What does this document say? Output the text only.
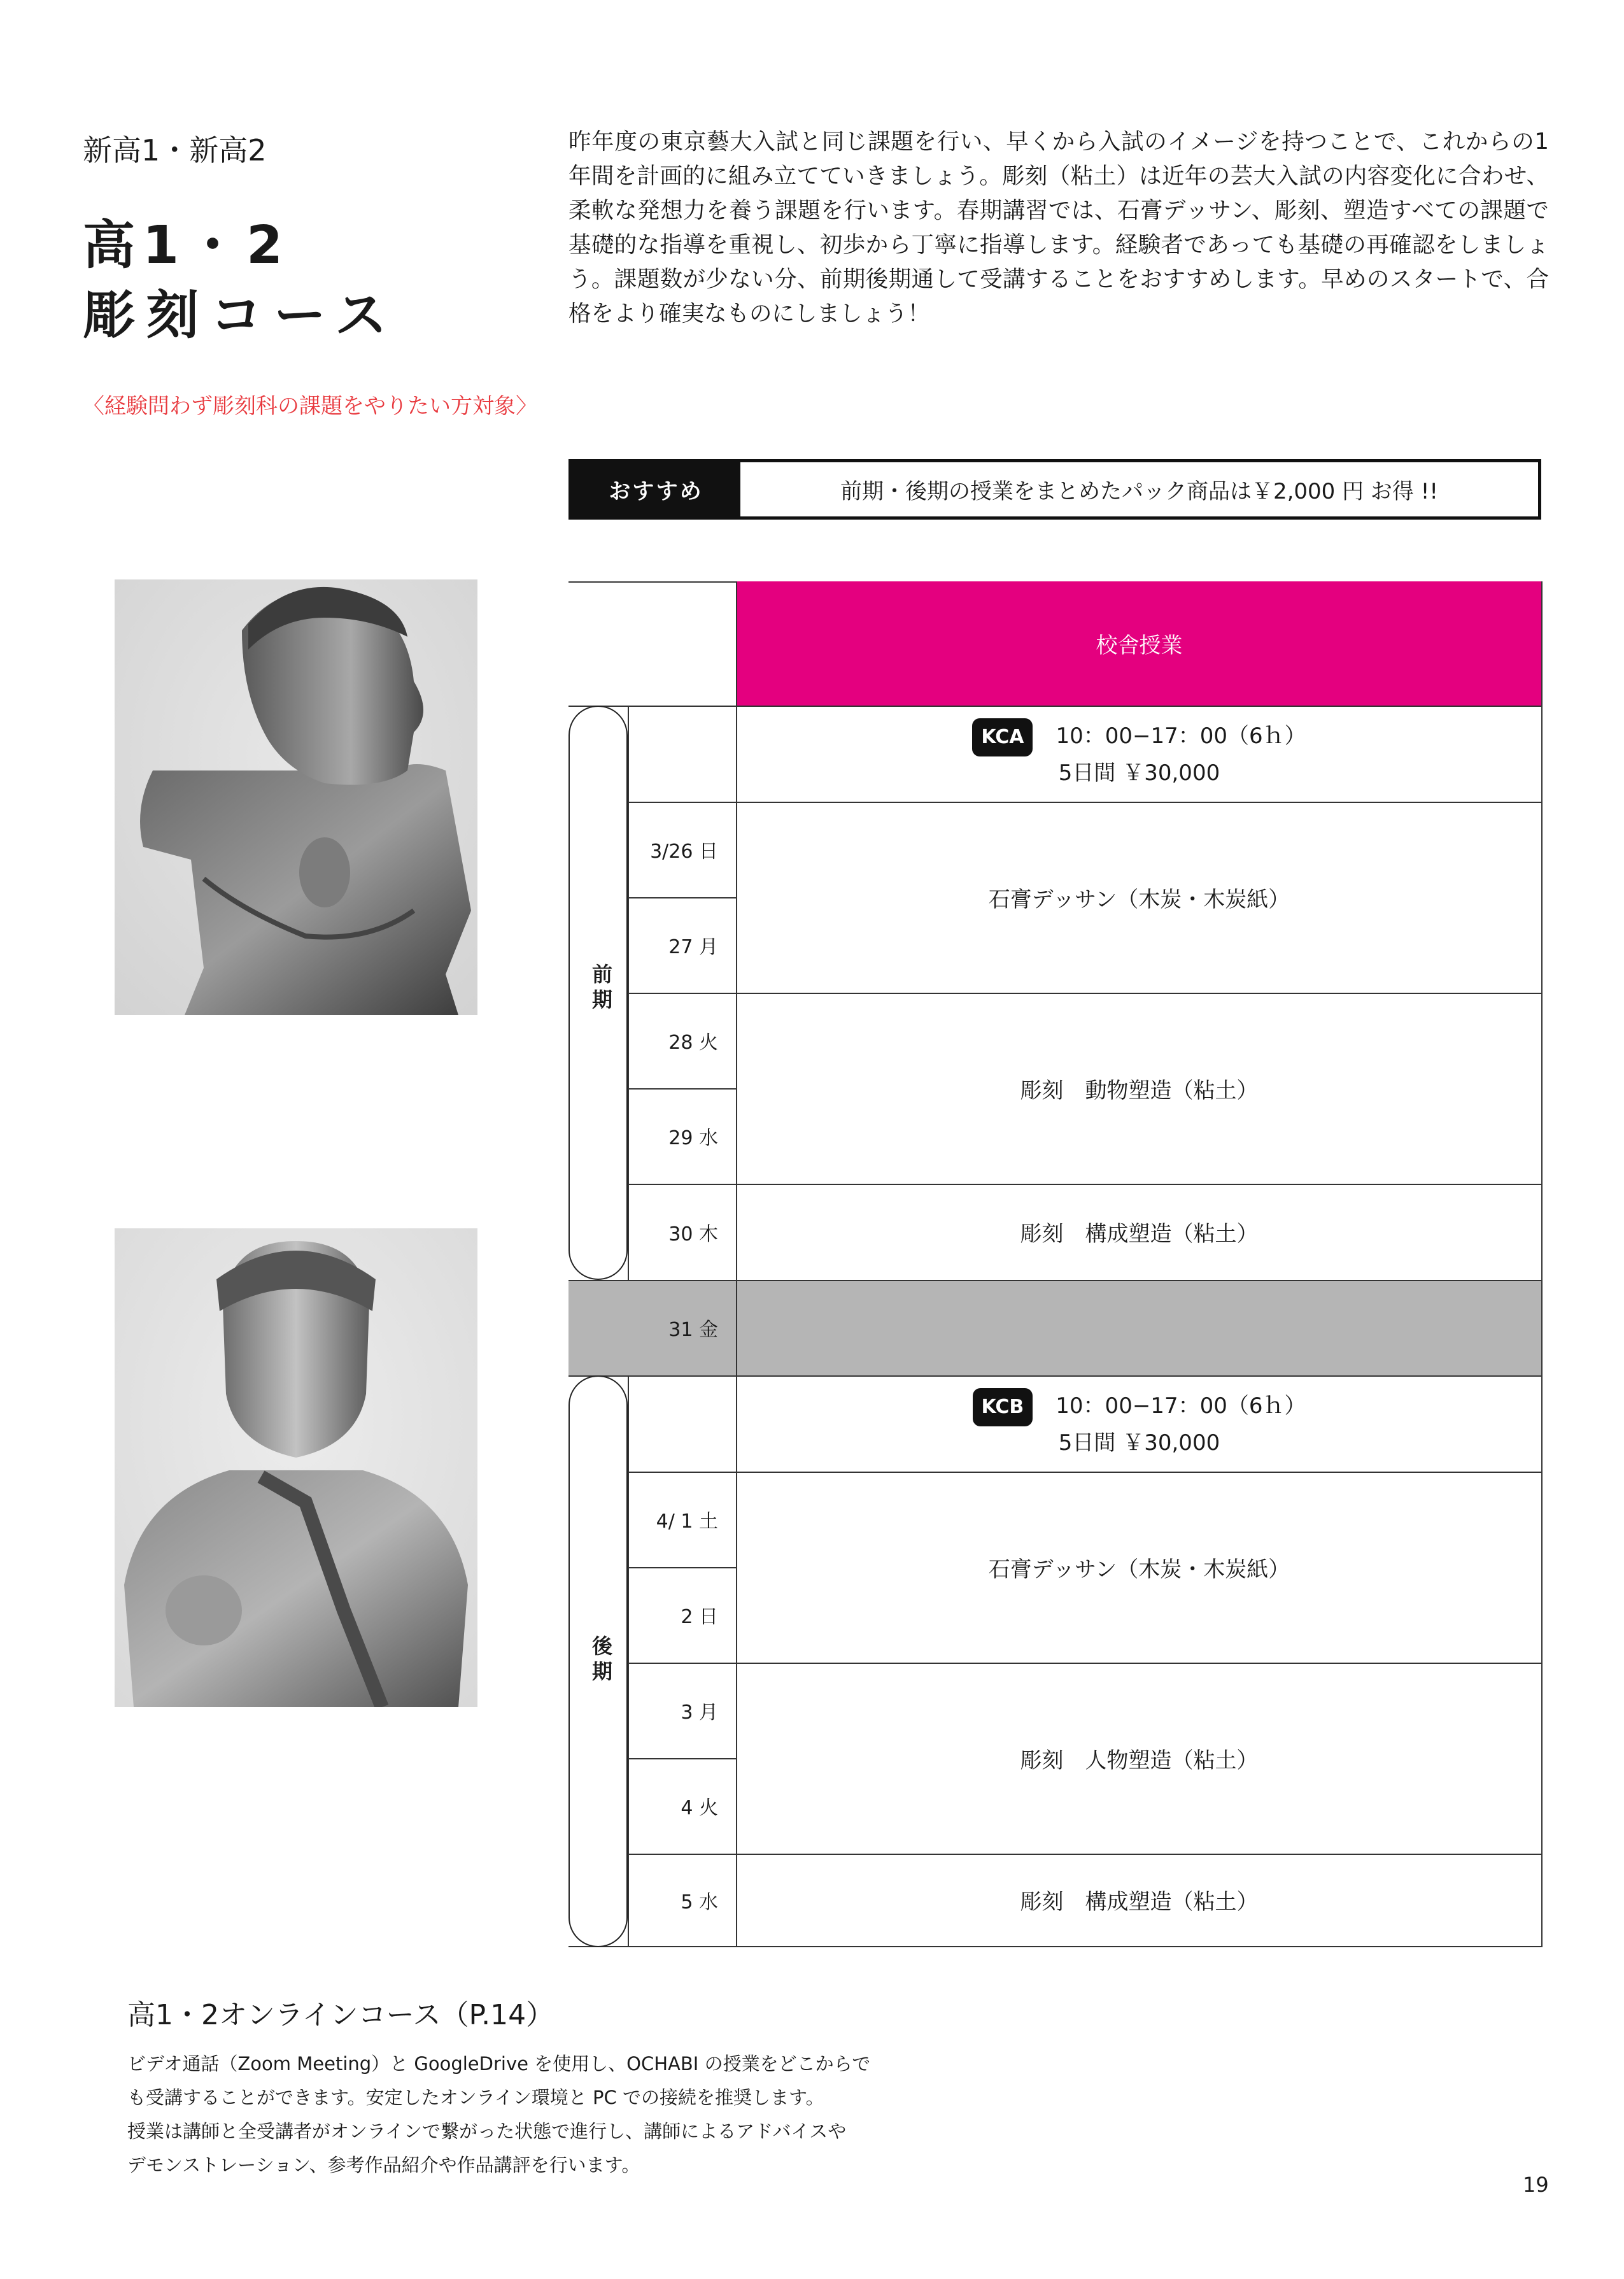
新高1・新高2
高1・2
彫刻コース
〈経験問わず彫刻科の課題をやりたい方対象〉
昨年度の東京藝大入試と同じ課題を行い、早くから入試のイメージを持つことで、これからの1年間を計画的に組み立てていきましょう。彫刻（粘土）は近年の芸大入試の内容変化に合わせ、柔軟な発想力を養う課題を行います。春期講習では、石膏デッサン、彫刻、塑造すべての課題で基礎的な指導を重視し、初歩から丁寧に指導します。経験者であっても基礎の再確認をしましょう。課題数が少ない分、前期後期通して受講することをおすすめします。早めのスタートで、合格をより確実なものにしましょう！
おすすめ	前期・後期の授業をまとめたパック商品は￥2,000 円 お得 !!
校舎授業
前期
後期
KCA 10：00−17：00（6ｈ）
5日間 ￥30,000
3/26 日
27 月
28 火
29 水
30 木
石膏デッサン（木炭・木炭紙）
彫刻　動物塑造（粘土）
彫刻　構成塑造（粘土）
31 金
KCB 10：00−17：00（6ｈ）
5日間 ￥30,000
4/ 1 土
2 日
3 月
4 火
5 水
石膏デッサン（木炭・木炭紙）
彫刻　人物塑造（粘土）
彫刻　構成塑造（粘土）
高1・2オンラインコース（P.14）
ビデオ通話（Zoom Meeting）と GoogleDrive を使用し、OCHABI の授業をどこからで
も受講することができます。安定したオンライン環境と PC での接続を推奨します。
授業は講師と全受講者がオンラインで繋がった状態で進行し、講師によるアドバイスや
デモンストレーション、参考作品紹介や作品講評を行います。
19
